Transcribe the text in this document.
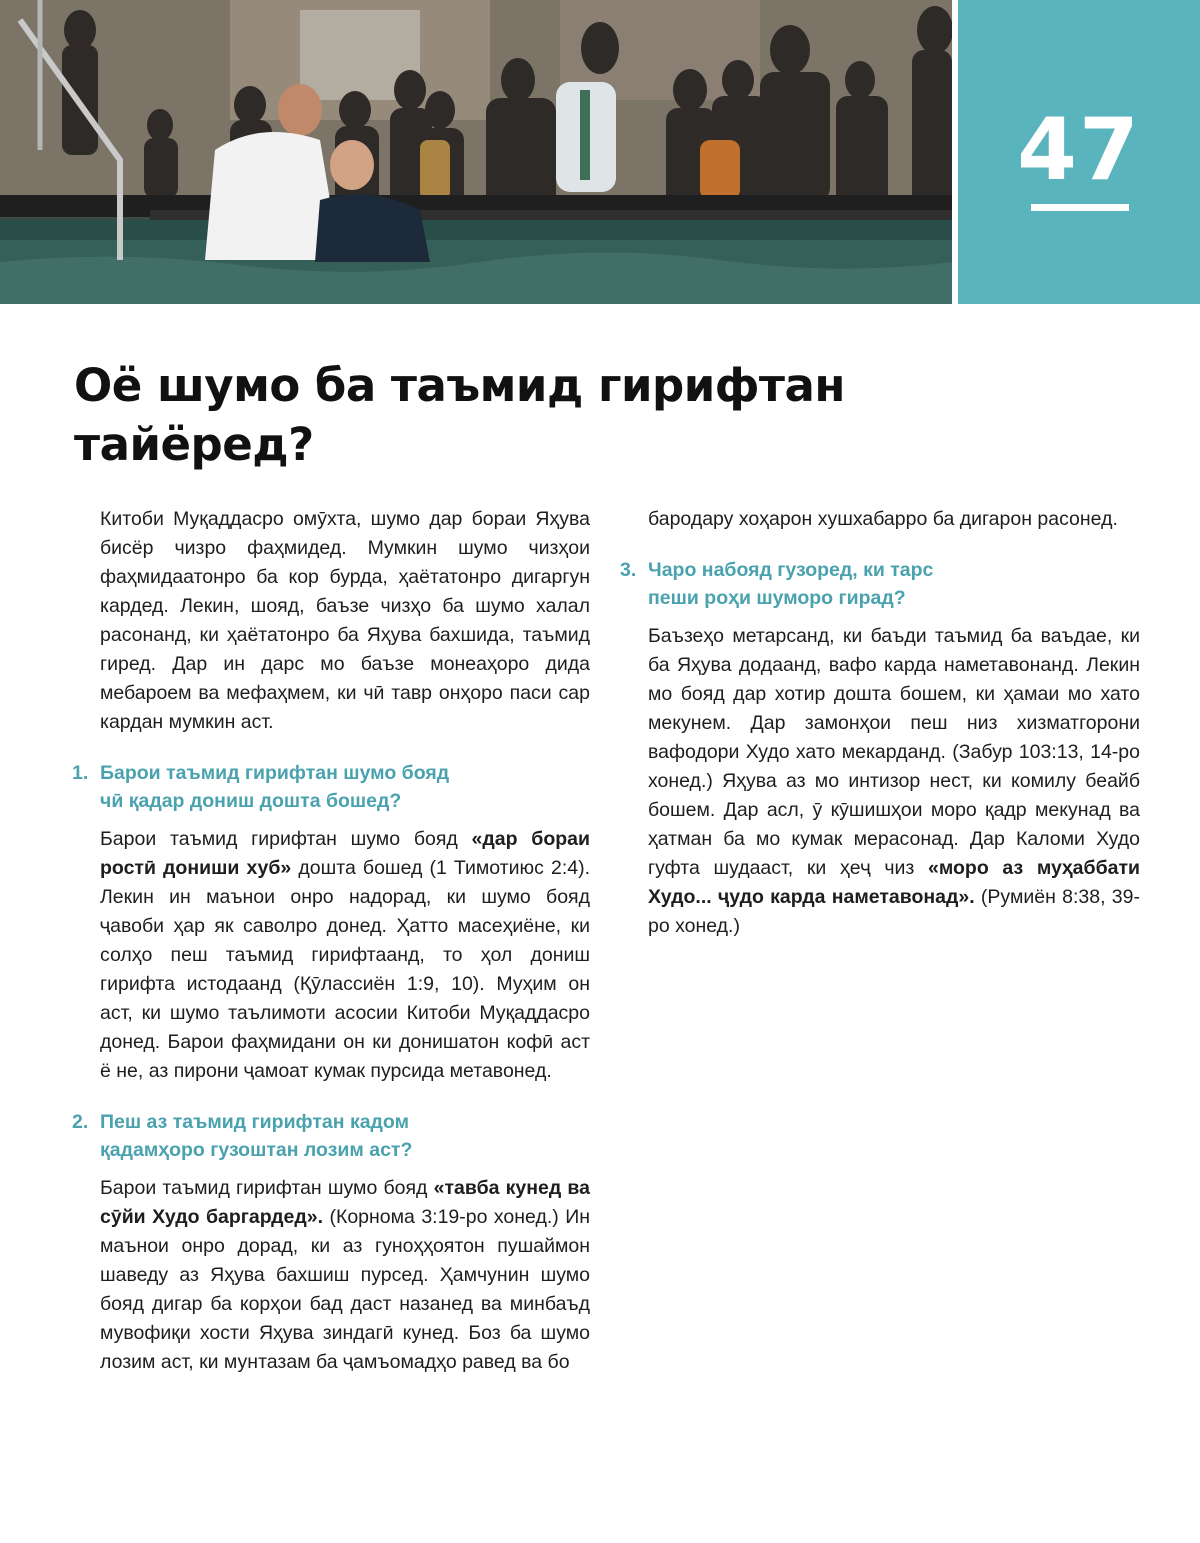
47
Оё шумо ба таъмид гирифтан
тайёред?

Китоби Муқаддасро омӯхта, шумо дар бораи Яҳува бисёр чизро фаҳмидед. Мумкин шумо чизҳои фаҳмидаатонро ба кор бурда, ҳаётатонро дигаргун кардед. Лекин, шояд, баъзе чизҳо ба шумо халал расонанд, ки ҳаётатонро ба Яҳува бахшида, таъмид гиред. Дар ин дарс мо баъзе монеаҳоро дида мебароем ва мефаҳмем, ки чӣ тавр онҳоро паси сар кардан мумкин аст.

1. Барои таъмид гирифтан шумо бояд
чӣ қадар дониш дошта бошед?

Барои таъмид гирифтан шумо бояд «дар бораи ростӣ дониши хуб» дошта бошед (1 Тимотиюс 2:4). Лекин ин маънои онро надорад, ки шумо бояд ҷавоби ҳар як саволро донед. Ҳатто масеҳиёне, ки солҳо пеш таъмид гирифтаанд, то ҳол дониш гирифта истодаанд (Қӯлассиён 1:9, 10). Муҳим он аст, ки шумо таълимоти асосии Китоби Муқаддасро донед. Барои фаҳмидани он ки донишатон кофӣ аст ё не, аз пирони ҷамоат кумак пурсида метавонед.

2. Пеш аз таъмид гирифтан кадом
қадамҳоро гузоштан лозим аст?

Барои таъмид гирифтан шумо бояд «тавба кунед ва сӯйи Худо баргардед». (Корнома 3:19-ро хонед.) Ин маънои онро дорад, ки аз гуноҳҳоятон пушаймон шаведу аз Яҳува бахшиш пурсед. Ҳамчунин шумо бояд дигар ба корҳои бад даст назанед ва минбаъд мувофиқи хости Яҳува зиндагӣ кунед. Боз ба шумо лозим аст, ки мунтазам ба ҷамъомадҳо равед ва бо

бародару хоҳарон хушхабарро ба дигарон расонед.

3. Чаро набояд гузоред, ки тарс
пеши роҳи шуморо гирад?

Баъзеҳо метарсанд, ки баъди таъмид ба ваъдае, ки ба Яҳува додаанд, вафо карда наметавонанд. Лекин мо бояд дар хотир дошта бошем, ки ҳамаи мо хато мекунем. Дар замонҳои пеш низ хизматгорони вафодори Худо хато мекарданд. (Забур 103:13, 14-ро хонед.) Яҳува аз мо интизор нест, ки комилу беайб бошем. Дар асл, ӯ кӯшишҳои моро қадр мекунад ва ҳатман ба мо кумак мерасонад. Дар Каломи Худо гуфта шудааст, ки ҳеҷ чиз «моро аз муҳаббати Худо... ҷудо карда наметавонад». (Румиён 8:38, 39-ро хонед.)
